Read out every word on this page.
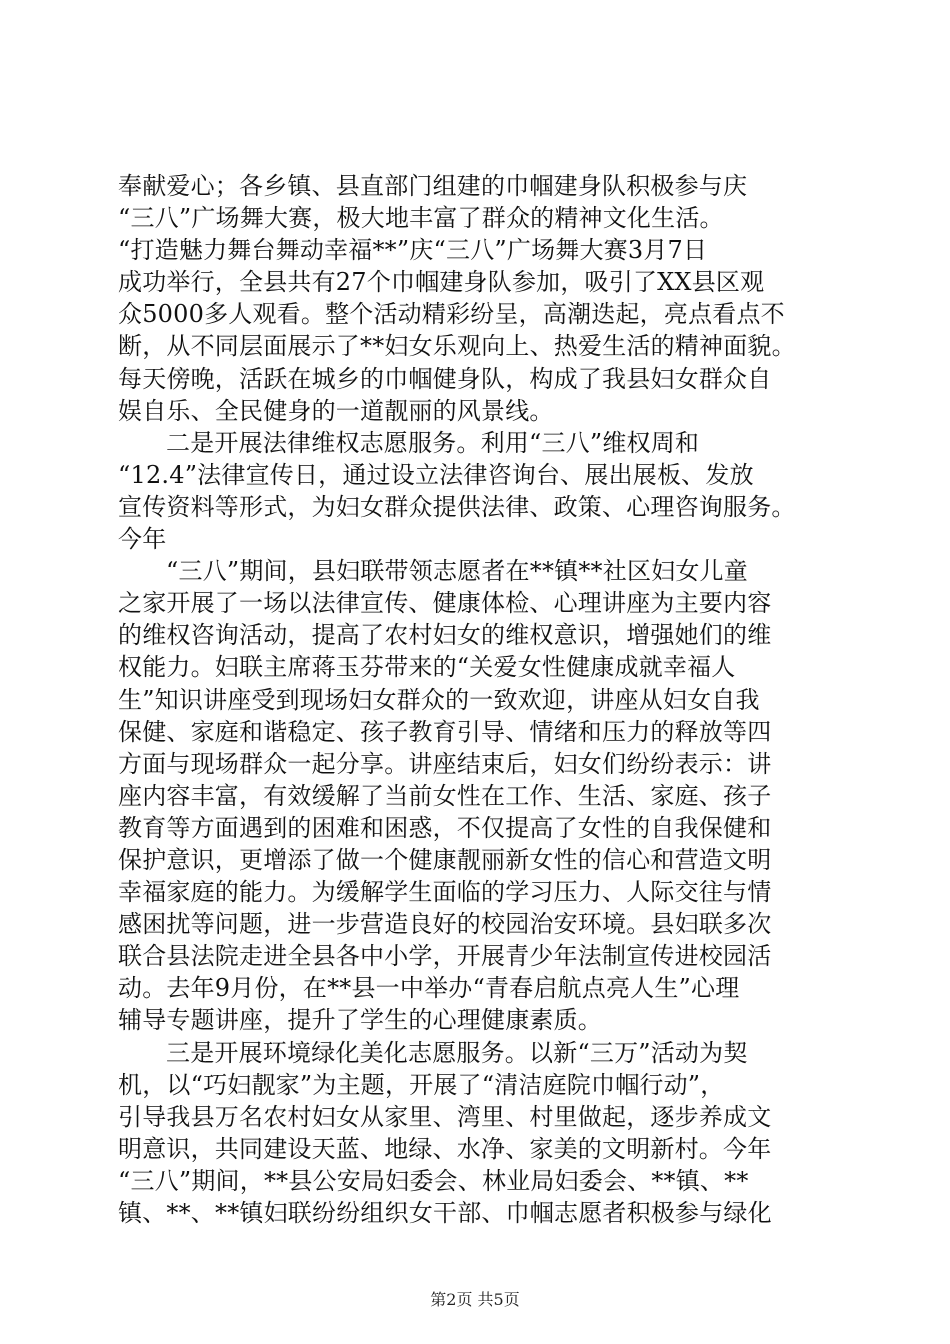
奉献爱心；各乡镇、县直部门组建的巾帼建身队积极参与庆
“三八”广场舞大赛，极大地丰富了群众的精神文化生活。
“打造魅力舞台舞动幸福**”庆“三八”广场舞大赛3月7日
成功举行，全县共有27个巾帼建身队参加，吸引了XX县区观
众5000多人观看。整个活动精彩纷呈，高潮迭起，亮点看点不
断，从不同层面展示了**妇女乐观向上、热爱生活的精神面貌。
每天傍晚，活跃在城乡的巾帼健身队，构成了我县妇女群众自
娱自乐、全民健身的一道靓丽的风景线。
二是开展法律维权志愿服务。利用“三八”维权周和
“12.4”法律宣传日，通过设立法律咨询台、展出展板、发放
宣传资料等形式，为妇女群众提供法律、政策、心理咨询服务。
今年
“三八”期间，县妇联带领志愿者在**镇**社区妇女儿童
之家开展了一场以法律宣传、健康体检、心理讲座为主要内容
的维权咨询活动，提高了农村妇女的维权意识，增强她们的维
权能力。妇联主席蒋玉芬带来的“关爱女性健康成就幸福人
生”知识讲座受到现场妇女群众的一致欢迎，讲座从妇女自我
保健、家庭和谐稳定、孩子教育引导、情绪和压力的释放等四
方面与现场群众一起分享。讲座结束后，妇女们纷纷表示：讲
座内容丰富，有效缓解了当前女性在工作、生活、家庭、孩子
教育等方面遇到的困难和困惑，不仅提高了女性的自我保健和
保护意识，更增添了做一个健康靓丽新女性的信心和营造文明
幸福家庭的能力。为缓解学生面临的学习压力、人际交往与情
感困扰等问题，进一步营造良好的校园治安环境。县妇联多次
联合县法院走进全县各中小学，开展青少年法制宣传进校园活
动。去年9月份，在**县一中举办“青春启航点亮人生”心理
辅导专题讲座，提升了学生的心理健康素质。
三是开展环境绿化美化志愿服务。以新“三万”活动为契
机，以“巧妇靓家”为主题，开展了“清洁庭院巾帼行动”，
引导我县万名农村妇女从家里、湾里、村里做起，逐步养成文
明意识，共同建设天蓝、地绿、水净、家美的文明新村。今年
“三八”期间，**县公安局妇委会、林业局妇委会、**镇、**
镇、**、**镇妇联纷纷组织女干部、巾帼志愿者积极参与绿化
第2页 共5页
